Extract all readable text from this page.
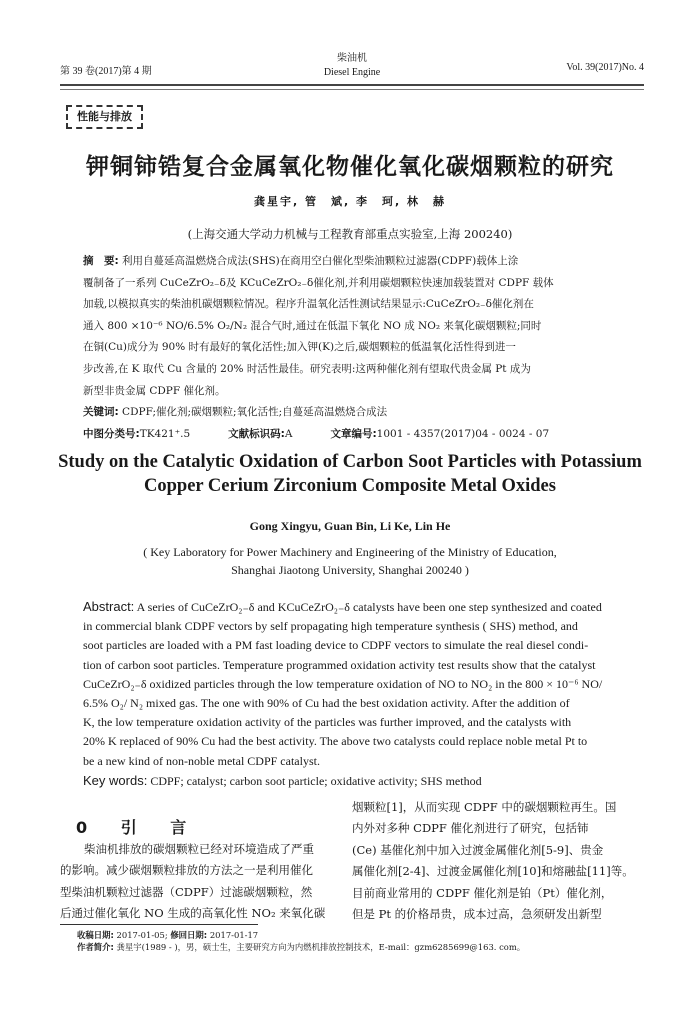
第 39 卷(2017)第 4 期
柴油机
Diesel Engine	Vol. 39(2017)No. 4
性能与排放
钾铜铈锆复合金属氧化物催化氧化碳烟颗粒的研究
龚星宇, 管　斌, 李　珂, 林　赫
(上海交通大学动力机械与工程教育部重点实验室,上海 200240)
摘　要: 利用自蔓延高温燃烧合成法(SHS)在商用空白催化型柴油颗粒过滤器(CDPF)载体上涂
覆制备了一系列 CuCeZrO₂₋δ及 KCuCeZrO₂₋δ催化剂,并利用碳烟颗粒快速加载装置对 CDPF 载体
加载,以模拟真实的柴油机碳烟颗粒情况。程序升温氧化活性测试结果显示:CuCeZrO₂₋δ催化剂在
通入 800 ×10⁻⁶ NO/6.5% O₂/N₂ 混合气时,通过在低温下氧化 NO 成 NO₂ 来氧化碳烟颗粒;同时
在铜(Cu)成分为 90% 时有最好的氧化活性;加入钾(K)之后,碳烟颗粒的低温氧化活性得到进一
步改善,在 K 取代 Cu 含量的 20% 时活性最佳。研究表明:这两种催化剂有望取代贵金属 Pt 成为
新型非贵金属 CDPF 催化剂。
关键词: CDPF;催化剂;碳烟颗粒;氧化活性;自蔓延高温燃烧合成法
中图分类号:TK421⁺.5	文献标识码:A	文章编号:1001 - 4357(2017)04 - 0024 - 07
Study on the Catalytic Oxidation of Carbon Soot Particles with Potassium
Copper Cerium Zirconium Composite Metal Oxides
Gong Xingyu, Guan Bin, Li Ke, Lin He
( Key Laboratory for Power Machinery and Engineering of the Ministry of Education,
Shanghai Jiaotong University, Shanghai 200240 )
Abstract: A series of CuCeZrO₂₋δ and KCuCeZrO₂₋δ catalysts have been one step synthesized and coated
in commercial blank CDPF vectors by self propagating high temperature synthesis ( SHS) method, and
soot particles are loaded with a PM fast loading device to CDPF vectors to simulate the real diesel condi-
tion of carbon soot particles. Temperature programmed oxidation activity test results show that the catalyst
CuCeZrO₂₋δ oxidized particles through the low temperature oxidation of NO to NO₂ in the 800 × 10⁻⁶ NO/
6.5% O₂/ N₂ mixed gas. The one with 90% of Cu had the best oxidation activity. After the addition of
K, the low temperature oxidation activity of the particles was further improved, and the catalysts with
20% K replaced of 90% Cu had the best activity. The above two catalysts could replace noble metal Pt to
be a new kind of non-noble metal CDPF catalyst.
Key words: CDPF; catalyst; carbon soot particle; oxidative activity; SHS method
0 引 言
柴油机排放的碳烟颗粒已经对环境造成了严重
的影响。减少碳烟颗粒排放的方法之一是利用催化
型柴油机颗粒过滤器（CDPF）过滤碳烟颗粒，然
后通过催化氧化 NO 生成的高氧化性 NO₂ 来氧化碳
烟颗粒[1]，从而实现 CDPF 中的碳烟颗粒再生。国
内外对多种 CDPF 催化剂进行了研究，包括铈
(Ce) 基催化剂中加入过渡金属催化剂[5-9]、贵金
属催化剂[2-4]、过渡金属催化剂[10]和熔融盐[11]等。
目前商业常用的 CDPF 催化剂是铂（Pt）催化剂，
但是 Pt 的价格昂贵，成本过高，急须研发出新型
收稿日期: 2017-01-05; 修回日期: 2017-01-17
作者简介: 龚星宇(1989 - )，男，硕士生，主要研究方向为内燃机排放控制技术，E-mail：gzm6285699@163. com。
